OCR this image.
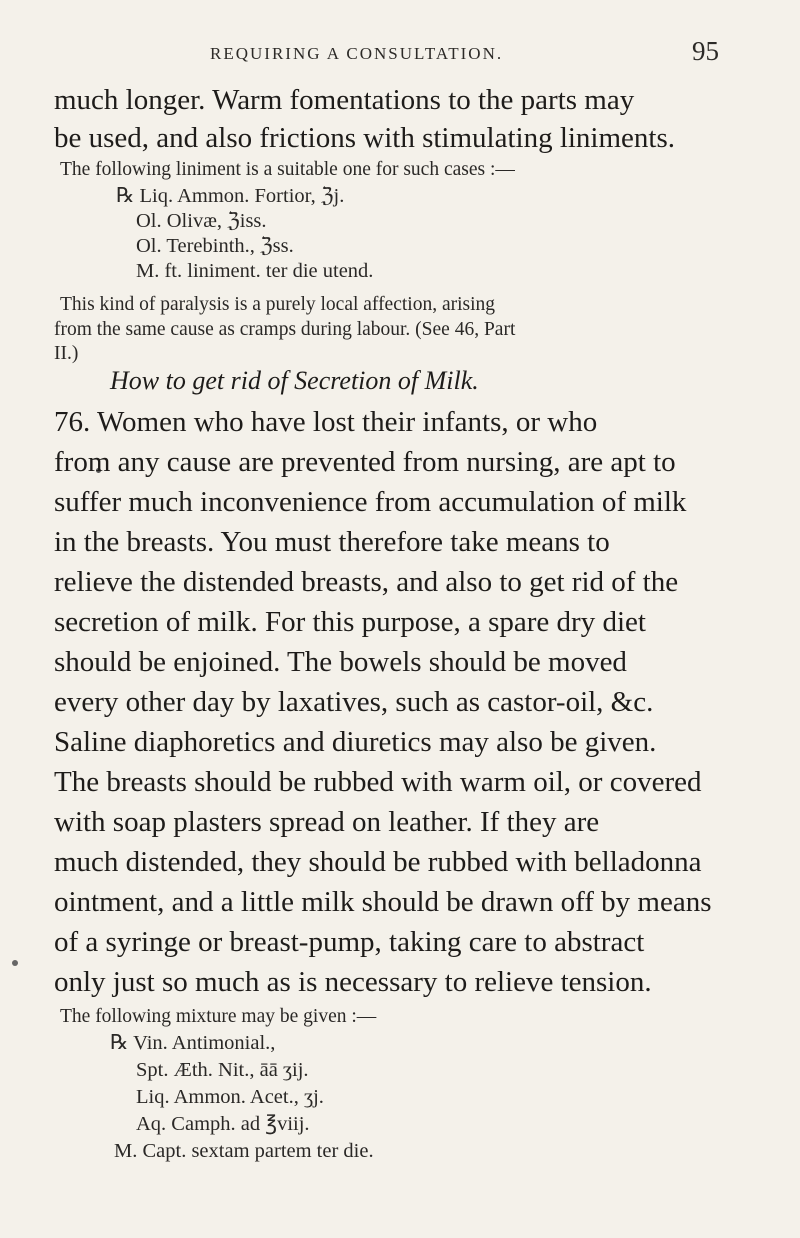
REQUIRING A CONSULTATION.	95
much longer. Warm fomentations to the parts may
be used, and also frictions with stimulating liniments.
The following liniment is a suitable one for such cases :—
℞ Liq. Ammon. Fortior, ℨj.
Ol. Olivæ, ℨiss.
Ol. Terebinth., ℨss.
M. ft. liniment. ter die utend.
This kind of paralysis is a purely local affection, arising
from the same cause as cramps during labour. (See 46, Part
II.)
How to get rid of Secretion of Milk.
76. Women who have lost their infants, or who
from any cause are prevented from nursing, are apt to
suffer much inconvenience from accumulation of milk
in the breasts. You must therefore take means to
relieve the distended breasts, and also to get rid of the
secretion of milk. For this purpose, a spare dry diet
should be enjoined. The bowels should be moved
every other day by laxatives, such as castor-oil, &c.
Saline diaphoretics and diuretics may also be given.
The breasts should be rubbed with warm oil, or covered
with soap plasters spread on leather. If they are
much distended, they should be rubbed with belladonna
ointment, and a little milk should be drawn off by means
of a syringe or breast-pump, taking care to abstract
only just so much as is necessary to relieve tension.
The following mixture may be given :—
℞ Vin. Antimonial.,
Spt. Æth. Nit., āā ʒij.
Liq. Ammon. Acet., ʒj.
Aq. Camph. ad ℥viij.
M. Capt. sextam partem ter die.
